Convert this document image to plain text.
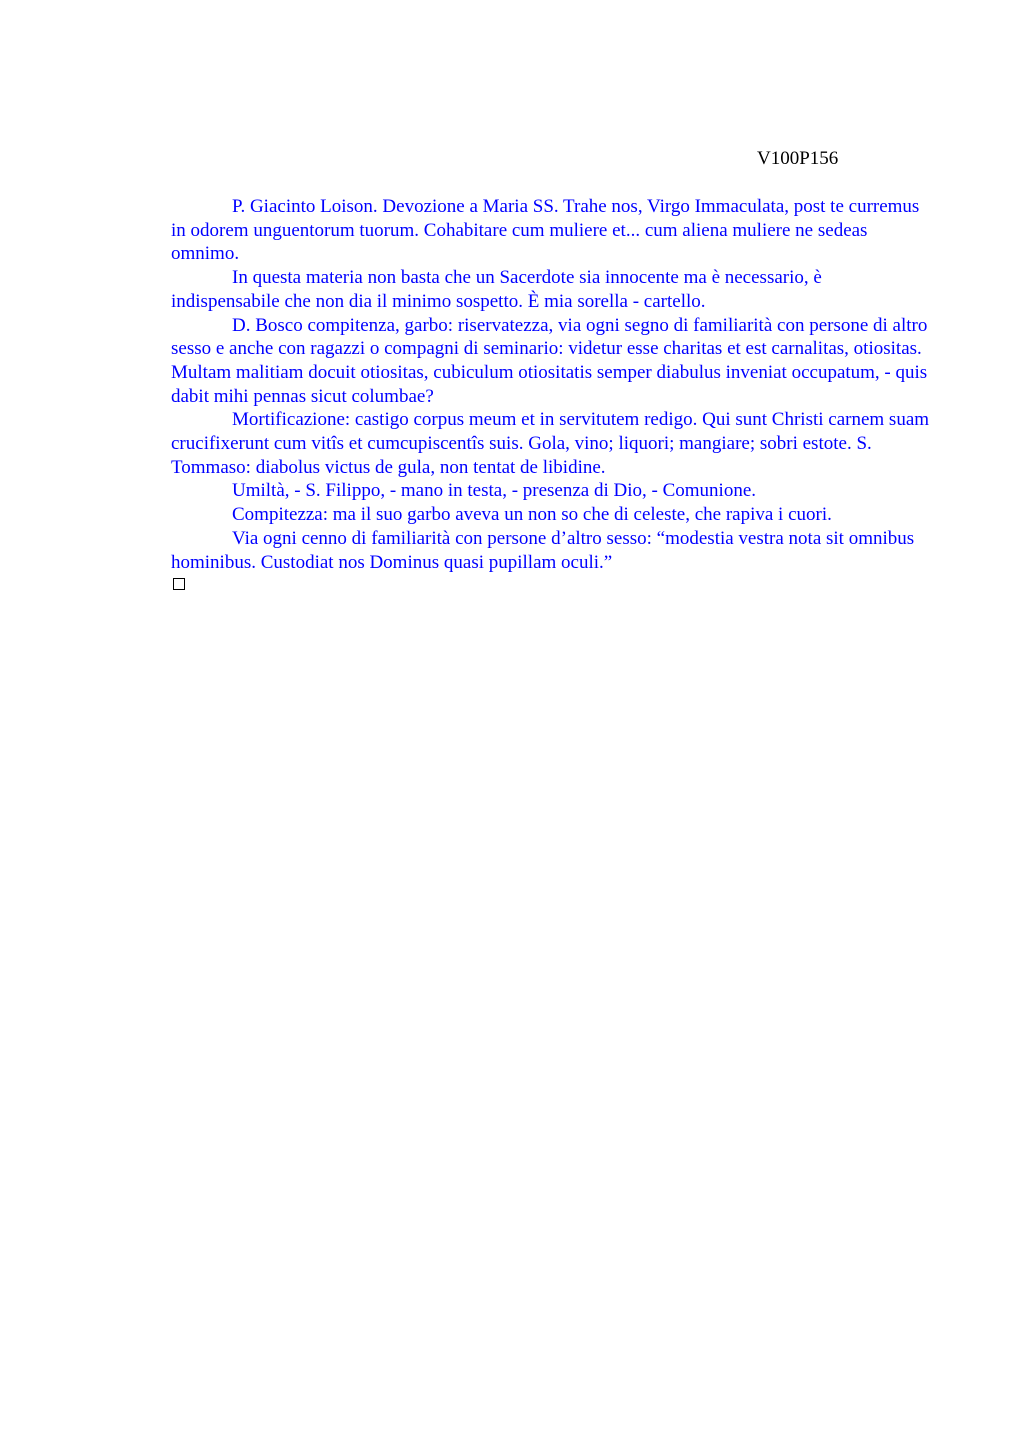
V100P156

P. Giacinto Loison. Devozione a Maria SS. Trahe nos, Virgo Immaculata, post te curremus in odorem unguentorum tuorum. Cohabitare cum muliere et... cum aliena muliere ne sedeas omnimo.

In questa materia non basta che un Sacerdote sia innocente ma è necessario, è indispensabile che non dia il minimo sospetto. È mia sorella - cartello.

D. Bosco compitenza, garbo: riservatezza, via ogni segno di familiarità con persone di altro sesso e anche con ragazzi o compagni di seminario: videtur esse charitas et est carnalitas, otiositas. Multam malitiam docuit otiositas, cubiculum otiositatis semper diabulus inveniat occupatum, - quis dabit mihi pennas sicut columbae?

Mortificazione: castigo corpus meum et in servitutem redigo. Qui sunt Christi carnem suam crucifixerunt cum vitîs et cumcupiscentîs suis. Gola, vino; liquori; mangiare; sobri estote. S. Tommaso: diabolus victus de gula, non tentat de libidine.

Umiltà, - S. Filippo, - mano in testa, - presenza di Dio, - Comunione.

Compitezza: ma il suo garbo aveva un non so che di celeste, che rapiva i cuori.

Via ogni cenno di familiarità con persone d’altro sesso: “modestia vestra nota sit omnibus hominibus. Custodiat nos Dominus quasi pupillam oculi.”
